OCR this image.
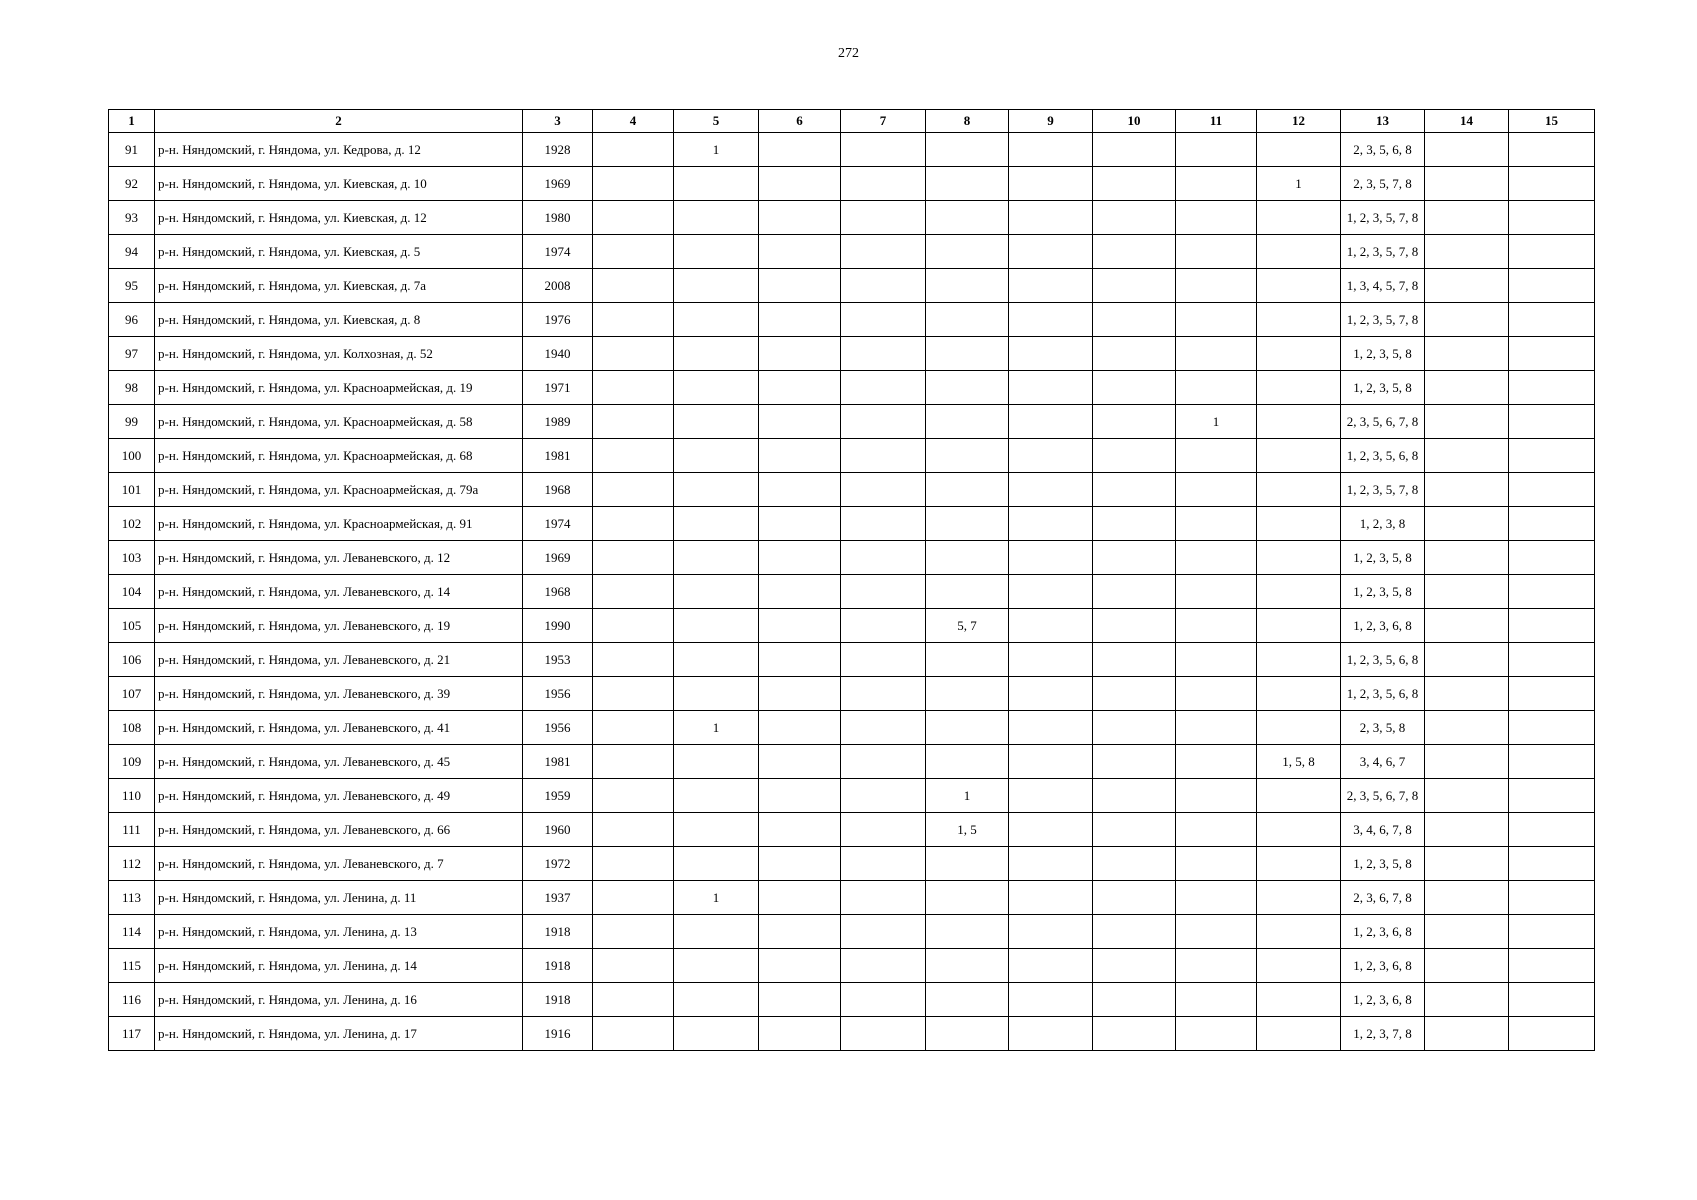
272
1	2	3	4	5	6	7	8	9	10	11	12	13	14	15
91	р-н. Няндомский, г. Няндома, ул. Кедрова, д. 12	1928		1								2, 3, 5, 6, 8		
92	р-н. Няндомский, г. Няндома, ул. Киевская, д. 10	1969									1	2, 3, 5, 7, 8		
93	р-н. Няндомский, г. Няндома, ул. Киевская, д. 12	1980										1, 2, 3, 5, 7, 8		
94	р-н. Няндомский, г. Няндома, ул. Киевская, д. 5	1974										1, 2, 3, 5, 7, 8		
95	р-н. Няндомский, г. Няндома, ул. Киевская, д. 7а	2008										1, 3, 4, 5, 7, 8		
96	р-н. Няндомский, г. Няндома, ул. Киевская, д. 8	1976										1, 2, 3, 5, 7, 8		
97	р-н. Няндомский, г. Няндома, ул. Колхозная, д. 52	1940										1, 2, 3, 5, 8		
98	р-н. Няндомский, г. Няндома, ул. Красноармейская, д. 19	1971										1, 2, 3, 5, 8		
99	р-н. Няндомский, г. Няндома, ул. Красноармейская, д. 58	1989								1		2, 3, 5, 6, 7, 8		
100	р-н. Няндомский, г. Няндома, ул. Красноармейская, д. 68	1981										1, 2, 3, 5, 6, 8		
101	р-н. Няндомский, г. Няндома, ул. Красноармейская, д. 79а	1968										1, 2, 3, 5, 7, 8		
102	р-н. Няндомский, г. Няндома, ул. Красноармейская, д. 91	1974										1, 2, 3, 8		
103	р-н. Няндомский, г. Няндома, ул. Леваневского, д. 12	1969										1, 2, 3, 5, 8		
104	р-н. Няндомский, г. Няндома, ул. Леваневского, д. 14	1968										1, 2, 3, 5, 8		
105	р-н. Няндомский, г. Няндома, ул. Леваневского, д. 19	1990					5, 7					1, 2, 3, 6, 8		
106	р-н. Няндомский, г. Няндома, ул. Леваневского, д. 21	1953										1, 2, 3, 5, 6, 8		
107	р-н. Няндомский, г. Няндома, ул. Леваневского, д. 39	1956										1, 2, 3, 5, 6, 8		
108	р-н. Няндомский, г. Няндома, ул. Леваневского, д. 41	1956		1								2, 3, 5, 8		
109	р-н. Няндомский, г. Няндома, ул. Леваневского, д. 45	1981									1, 5, 8	3, 4, 6, 7		
110	р-н. Няндомский, г. Няндома, ул. Леваневского, д. 49	1959					1					2, 3, 5, 6, 7, 8		
111	р-н. Няндомский, г. Няндома, ул. Леваневского, д. 66	1960					1, 5					3, 4, 6, 7, 8		
112	р-н. Няндомский, г. Няндома, ул. Леваневского, д. 7	1972										1, 2, 3, 5, 8		
113	р-н. Няндомский, г. Няндома, ул. Ленина, д. 11	1937		1								2, 3, 6, 7, 8		
114	р-н. Няндомский, г. Няндома, ул. Ленина, д. 13	1918										1, 2, 3, 6, 8		
115	р-н. Няндомский, г. Няндома, ул. Ленина, д. 14	1918										1, 2, 3, 6, 8		
116	р-н. Няндомский, г. Няндома, ул. Ленина, д. 16	1918										1, 2, 3, 6, 8		
117	р-н. Няндомский, г. Няндома, ул. Ленина, д. 17	1916										1, 2, 3, 7, 8		
